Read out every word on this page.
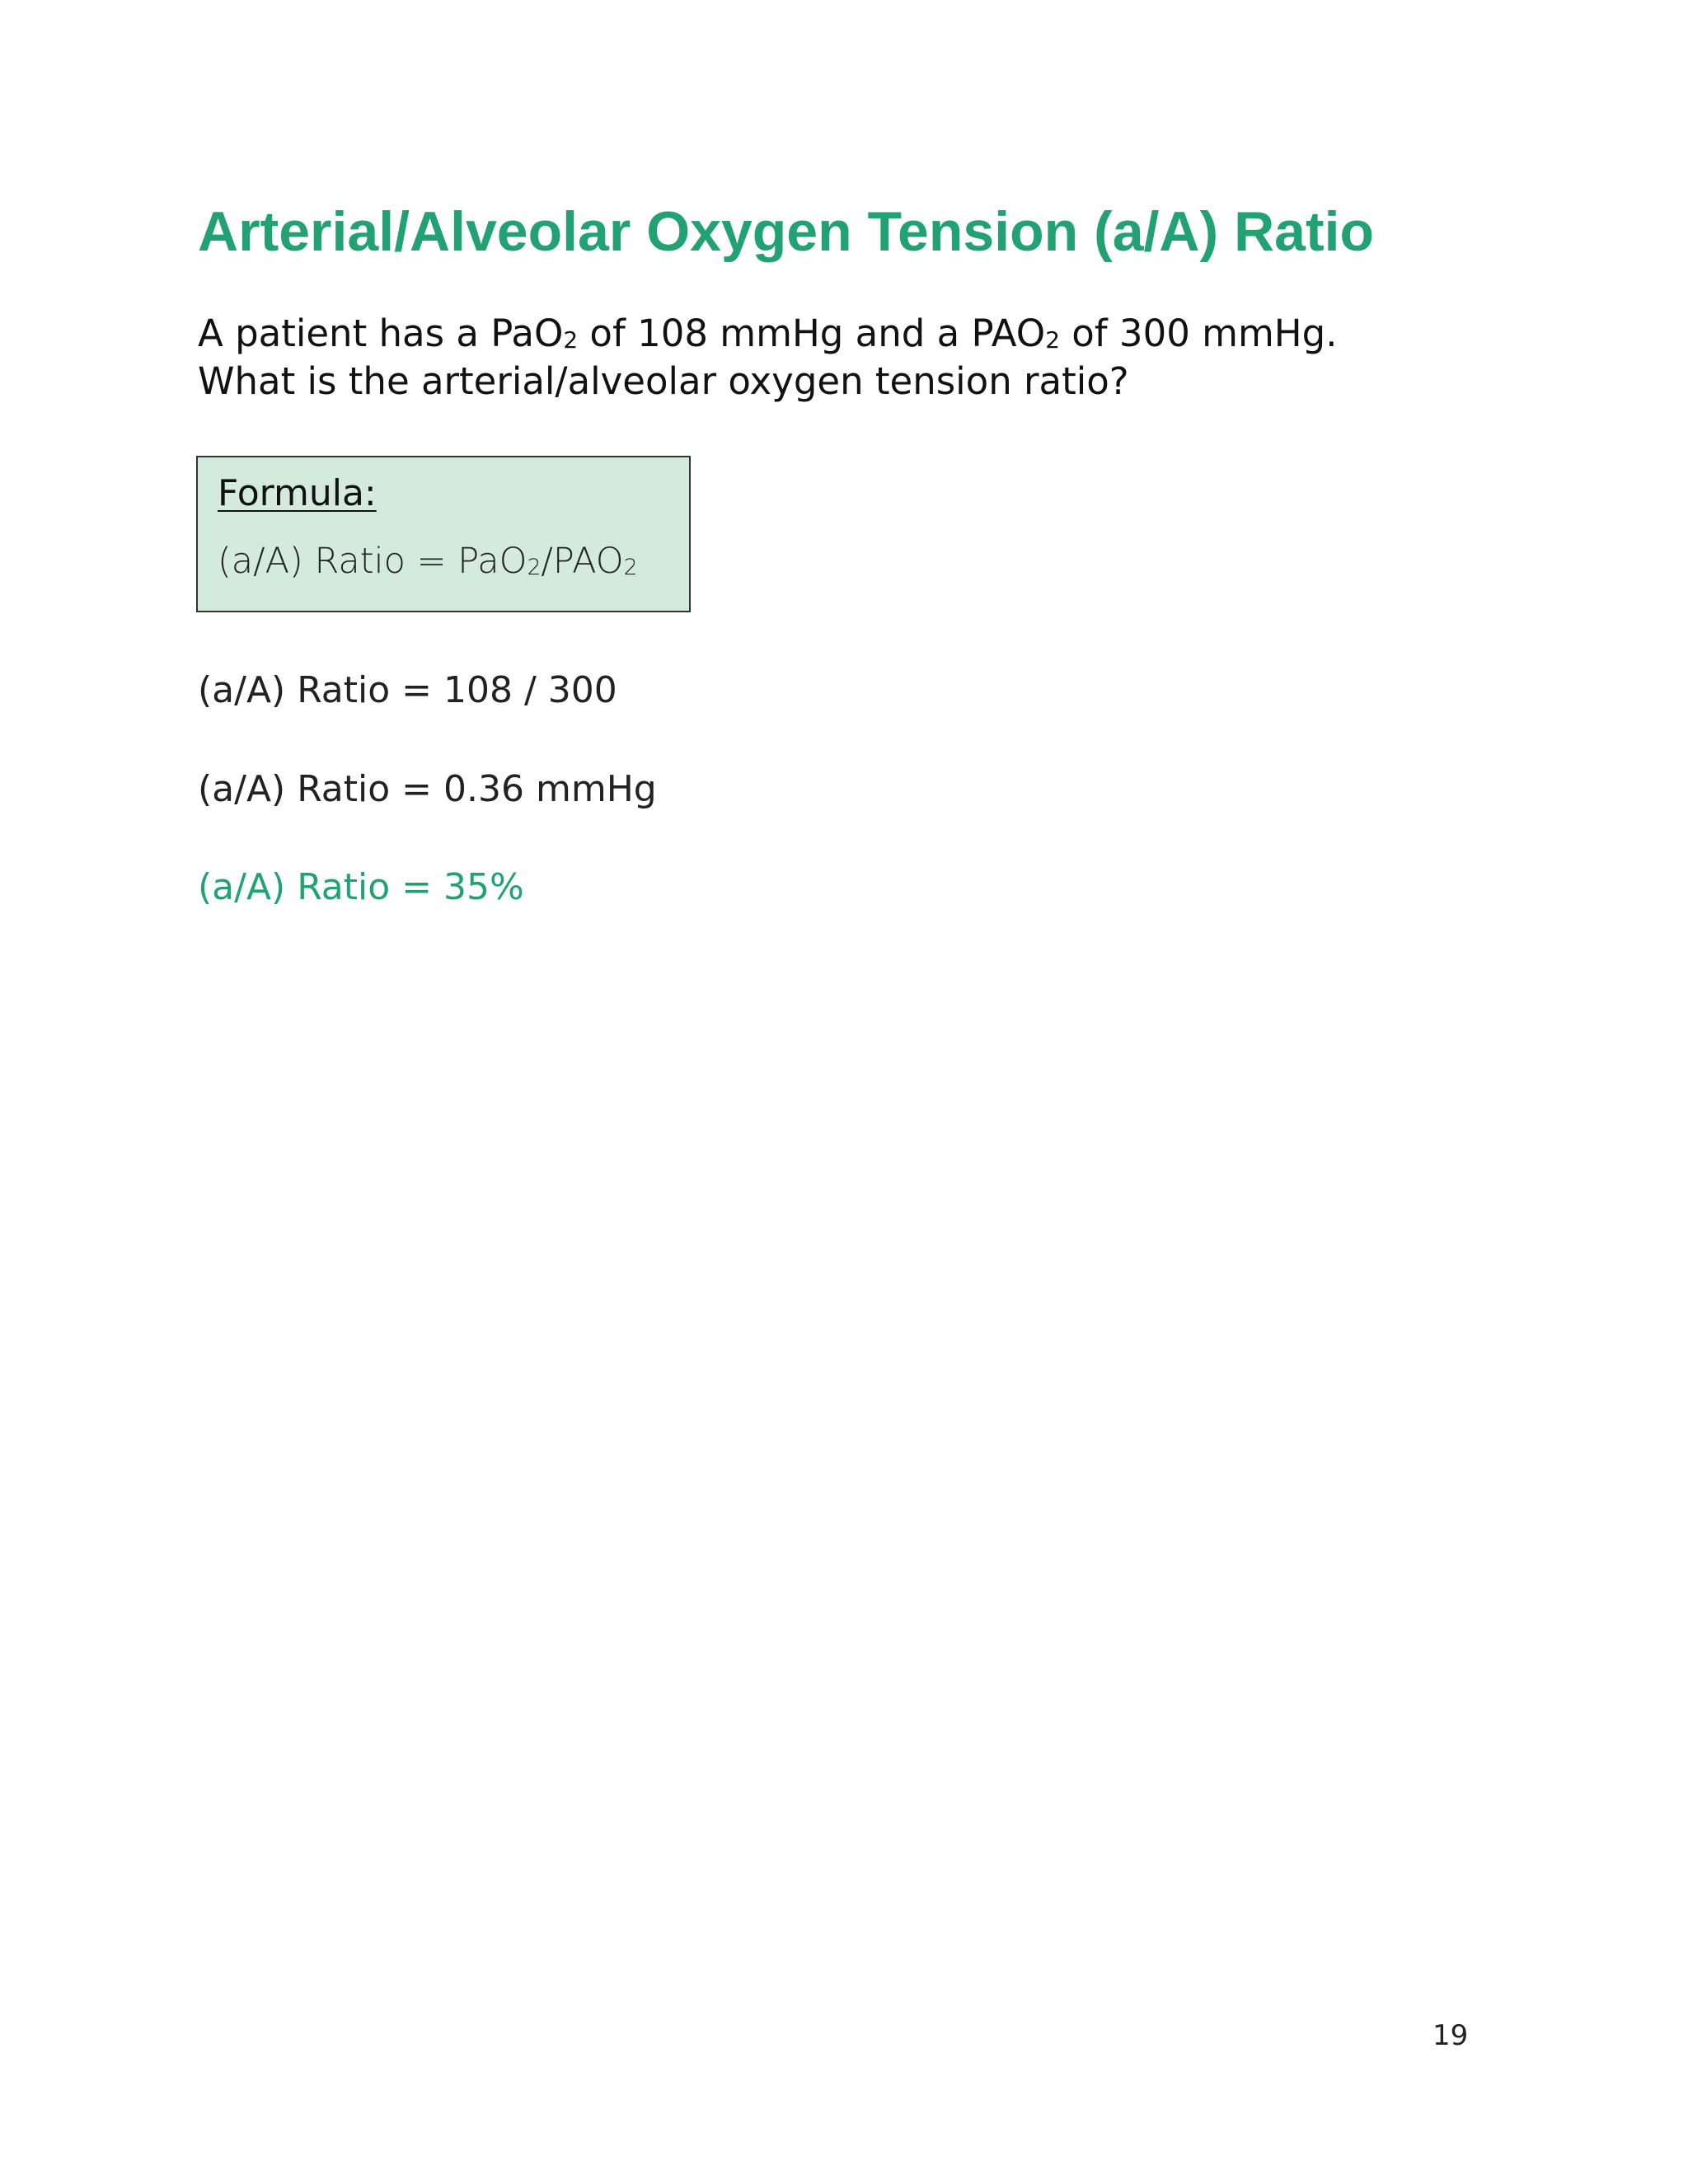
Arterial/Alveolar Oxygen Tension (a/A) Ratio
A patient has a PaO$_2$ of 108 mmHg and a $PAO_2$ of 300 mmHg.
What is the arterial/alveolar oxygen tension ratio?
Formula:
(a/A) Ratio = $PaO_2/PAO_2$

(a/A) Ratio = 108 / 300

(a/A) Ratio = 0.36 mmHg

(a/A) Ratio = 35%

19
